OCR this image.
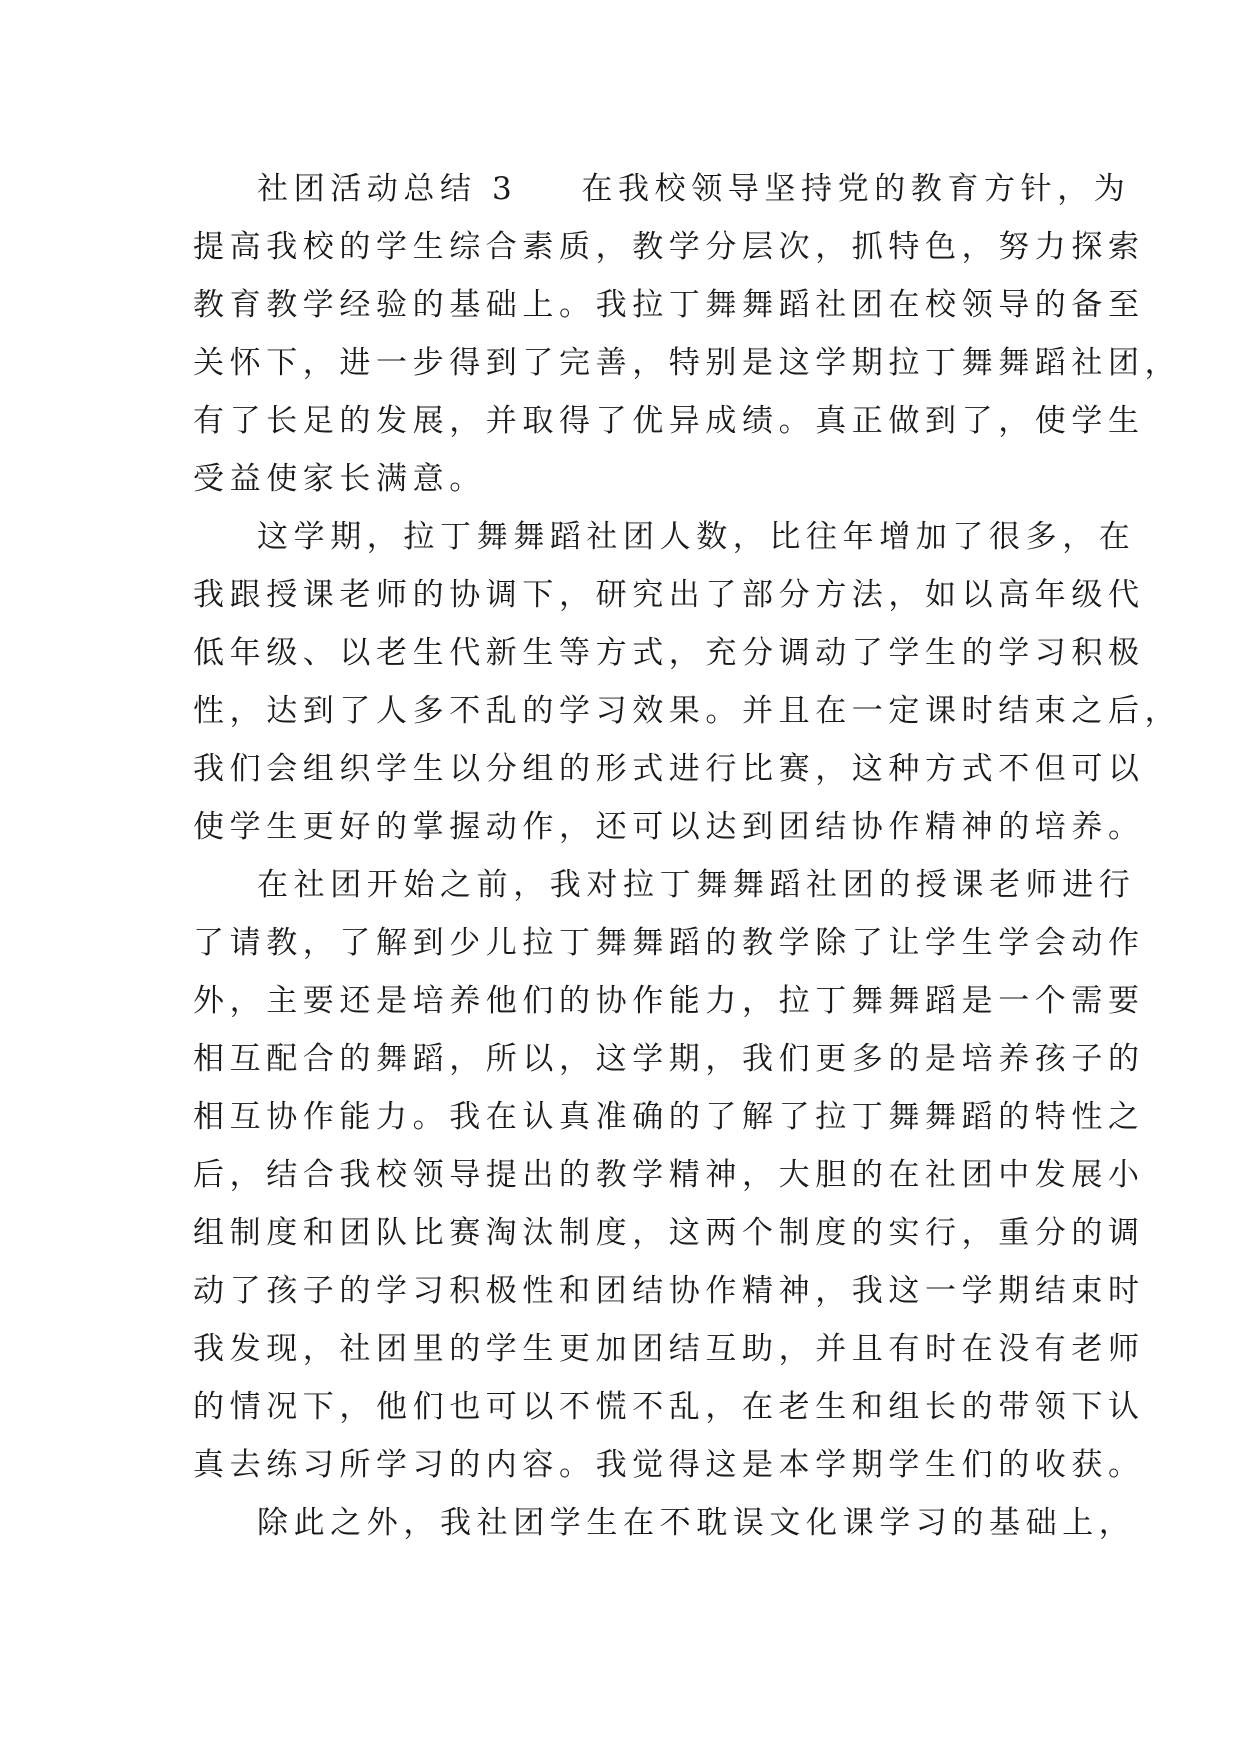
社团活动总结 3 在我校领导坚持党的教育方针，为
提高我校的学生综合素质，教学分层次，抓特色，努力探索
教育教学经验的基础上。我拉丁舞舞蹈社团在校领导的备至
关怀下，进一步得到了完善，特别是这学期拉丁舞舞蹈社团，
有了长足的发展，并取得了优异成绩。真正做到了，使学生
受益使家长满意。
这学期，拉丁舞舞蹈社团人数，比往年增加了很多，在
我跟授课老师的协调下，研究出了部分方法，如以高年级代
低年级、以老生代新生等方式，充分调动了学生的学习积极
性，达到了人多不乱的学习效果。并且在一定课时结束之后，
我们会组织学生以分组的形式进行比赛，这种方式不但可以
使学生更好的掌握动作，还可以达到团结协作精神的培养。
在社团开始之前，我对拉丁舞舞蹈社团的授课老师进行
了请教，了解到少儿拉丁舞舞蹈的教学除了让学生学会动作
外，主要还是培养他们的协作能力，拉丁舞舞蹈是一个需要
相互配合的舞蹈，所以，这学期，我们更多的是培养孩子的
相互协作能力。我在认真准确的了解了拉丁舞舞蹈的特性之
后，结合我校领导提出的教学精神，大胆的在社团中发展小
组制度和团队比赛淘汰制度，这两个制度的实行，重分的调
动了孩子的学习积极性和团结协作精神，我这一学期结束时
我发现，社团里的学生更加团结互助，并且有时在没有老师
的情况下，他们也可以不慌不乱，在老生和组长的带领下认
真去练习所学习的内容。我觉得这是本学期学生们的收获。
除此之外，我社团学生在不耽误文化课学习的基础上，
